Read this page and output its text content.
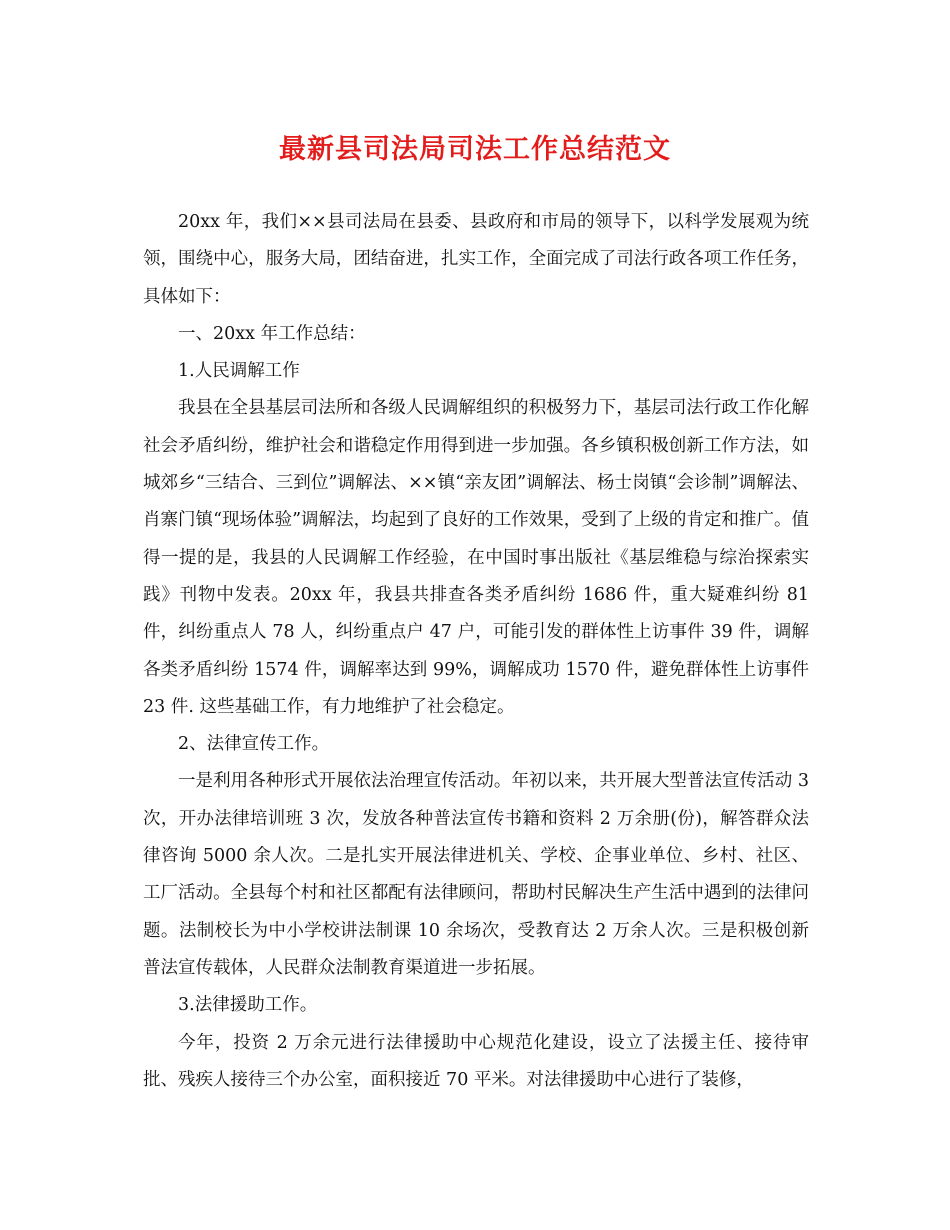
最新县司法局司法工作总结范文

20xx 年，我们××县司法局在县委、县政府和市局的领导下，以科学发展观为统领，围绕中心，服务大局，团结奋进，扎实工作，全面完成了司法行政各项工作任务，具体如下：

一、20xx 年工作总结：

1.人民调解工作

我县在全县基层司法所和各级人民调解组织的积极努力下，基层司法行政工作化解社会矛盾纠纷，维护社会和谐稳定作用得到进一步加强。各乡镇积极创新工作方法，如城郊乡“三结合、三到位”调解法、××镇“亲友团”调解法、杨士岗镇“会诊制”调解法、肖寨门镇“现场体验”调解法，均起到了良好的工作效果，受到了上级的肯定和推广。值得一提的是，我县的人民调解工作经验，在中国时事出版社《基层维稳与综治探索实践》刊物中发表。20xx 年，我县共排查各类矛盾纠纷 1686 件，重大疑难纠纷 81 件，纠纷重点人 78 人，纠纷重点户 47 户，可能引发的群体性上访事件 39 件，调解各类矛盾纠纷 1574 件，调解率达到 99%，调解成功 1570 件，避免群体性上访事件 23 件. 这些基础工作，有力地维护了社会稳定。

2、法律宣传工作。

一是利用各种形式开展依法治理宣传活动。年初以来，共开展大型普法宣传活动 3 次，开办法律培训班 3 次，发放各种普法宣传书籍和资料 2 万余册(份)，解答群众法律咨询 5000 余人次。二是扎实开展法律进机关、学校、企事业单位、乡村、社区、工厂活动。全县每个村和社区都配有法律顾问，帮助村民解决生产生活中遇到的法律问题。法制校长为中小学校讲法制课 10 余场次，受教育达 2 万余人次。三是积极创新普法宣传载体，人民群众法制教育渠道进一步拓展。

3.法律援助工作。

今年，投资 2 万余元进行法律援助中心规范化建设，设立了法援主任、接待审批、残疾人接待三个办公室，面积接近 70 平米。对法律援助中心进行了装修，
